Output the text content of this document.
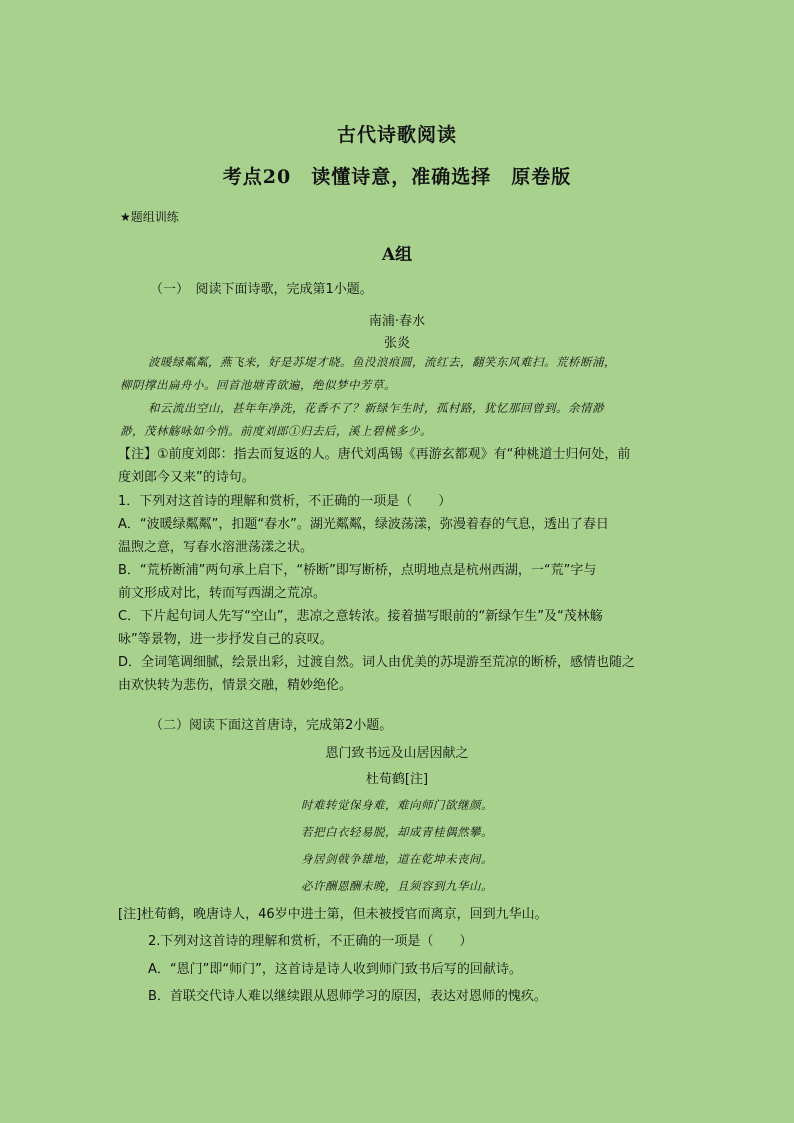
古代诗歌阅读
考点20　读懂诗意，准确选择　原卷版
★题组训练
A组
（一）　阅读下面诗歌，完成第1小题。
南浦·春水
张炎
波暖绿粼粼，燕飞来，好是苏堤才晓。鱼没浪痕圆，流红去，翻笑东风难扫。荒桥断浦，
柳阴撑出扁舟小。回首池塘青欲遍，绝似梦中芳草。
和云流出空山，甚年年净洗，花香不了？新绿乍生时，孤村路，犹忆那回曾到。余情渺
渺，茂林觞咏如今悄。前度刘郎①归去后，溪上碧桃多少。
【注】①前度刘郎：指去而复返的人。唐代刘禹锡《再游玄都观》有“种桃道士归何处，前
度刘郎今又来”的诗句。
1．下列对这首诗的理解和赏析，不正确的一项是（　　）
A．“波暖绿粼粼”，扣题“春水”。湖光粼粼，绿波荡漾，弥漫着春的气息，透出了春日
温煦之意，写春水溶泄荡漾之状。
B．“荒桥断浦”两句承上启下，“桥断”即写断桥，点明地点是杭州西湖，一“荒”字与
前文形成对比，转而写西湖之荒凉。
C．下片起句词人先写“空山”，悲凉之意转浓。接着描写眼前的“新绿乍生”及“茂林觞
咏”等景物，进一步抒发自己的哀叹。
D．全词笔调细腻，绘景出彩，过渡自然。词人由优美的苏堤游至荒凉的断桥，感情也随之
由欢快转为悲伤，情景交融，精妙绝伦。
（二）阅读下面这首唐诗，完成第2小题。
恩门致书远及山居因献之
杜荀鹤[注]
时难转觉保身难，难向师门欲继颜。
若把白衣轻易脱，却成青桂偶然攀。
身居剑戟争雄地，道在乾坤未丧间。
必许酬恩酬未晚，且须容到九华山。
[注]杜荀鹤，晚唐诗人，46岁中进士第，但未被授官而离京，回到九华山。
2.下列对这首诗的理解和赏析，不正确的一项是（　　）
A．“恩门”即“师门”，这首诗是诗人收到师门致书后写的回献诗。
B．首联交代诗人难以继续跟从恩师学习的原因，表达对恩师的愧疚。
